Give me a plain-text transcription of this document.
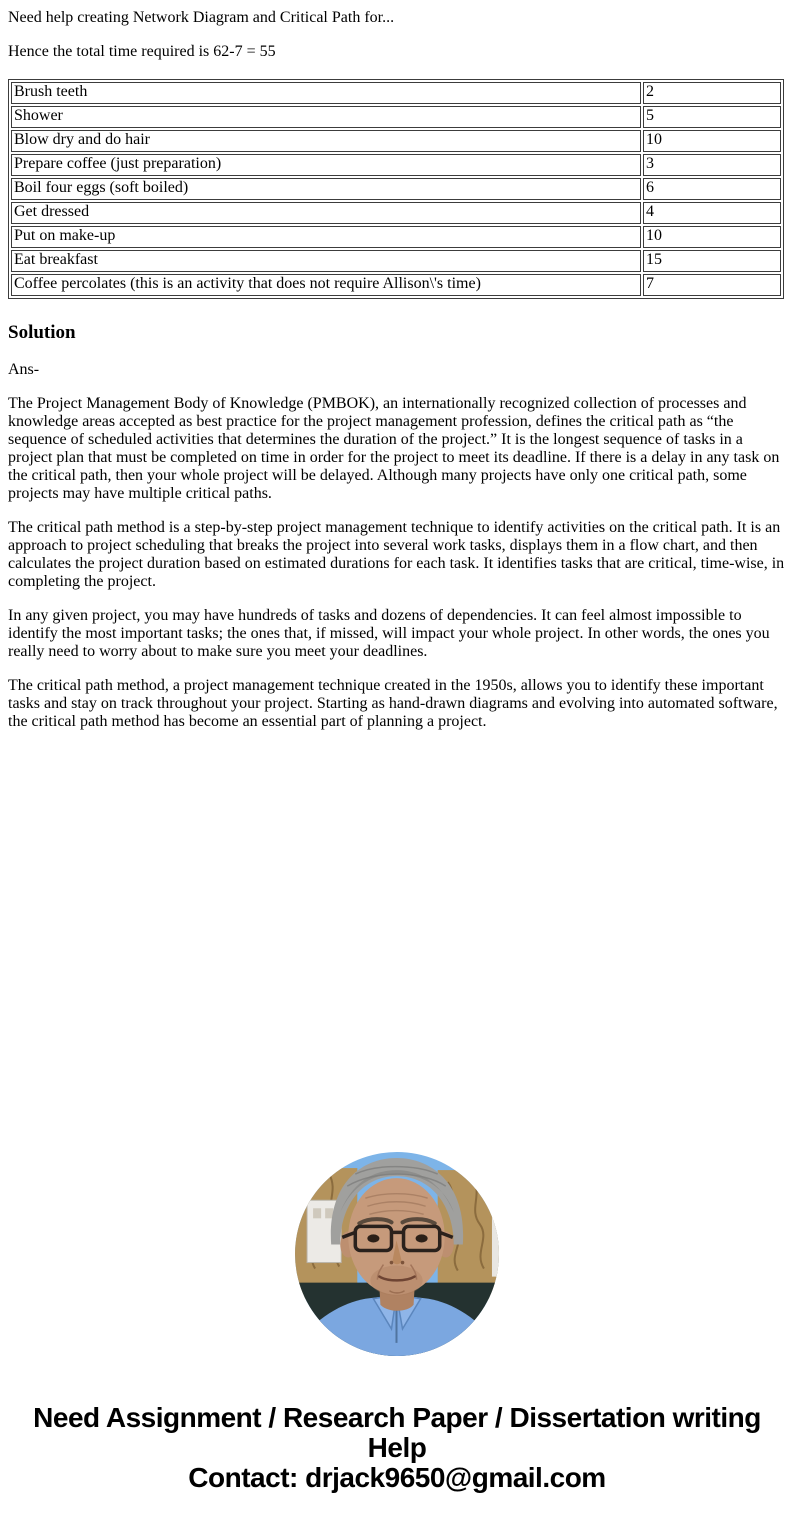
Need help creating Network Diagram and Critical Path for...

Hence the total time required is 62-7 = 55

Brush teeth	2
Shower	5
Blow dry and do hair	10
Prepare coffee (just preparation)	3
Boil four eggs (soft boiled)	6
Get dressed	4
Put on make-up	10
Eat breakfast	15
Coffee percolates (this is an activity that does not require Allison\'s time)	7
Solution

Ans-

The Project Management Body of Knowledge (PMBOK), an internationally recognized collection of processes and knowledge areas accepted as best practice for the project management profession, defines the critical path as “the sequence of scheduled activities that determines the duration of the project.” It is the longest sequence of tasks in a project plan that must be completed on time in order for the project to meet its deadline. If there is a delay in any task on the critical path, then your whole project will be delayed. Although many projects have only one critical path, some projects may have multiple critical paths.

The critical path method is a step-by-step project management technique to identify activities on the critical path. It is an approach to project scheduling that breaks the project into several work tasks, displays them in a flow chart, and then calculates the project duration based on estimated durations for each task. It identifies tasks that are critical, time-wise, in completing the project.

In any given project, you may have hundreds of tasks and dozens of dependencies. It can feel almost impossible to identify the most important tasks; the ones that, if missed, will impact your whole project. In other words, the ones you really need to worry about to make sure you meet your deadlines.

The critical path method, a project management technique created in the 1950s, allows you to identify these important tasks and stay on track throughout your project. Starting as hand-drawn diagrams and evolving into automated software, the critical path method has become an essential part of planning a project.

Need Assignment / Research Paper / Dissertation writing Help
Contact: drjack9650@gmail.com
